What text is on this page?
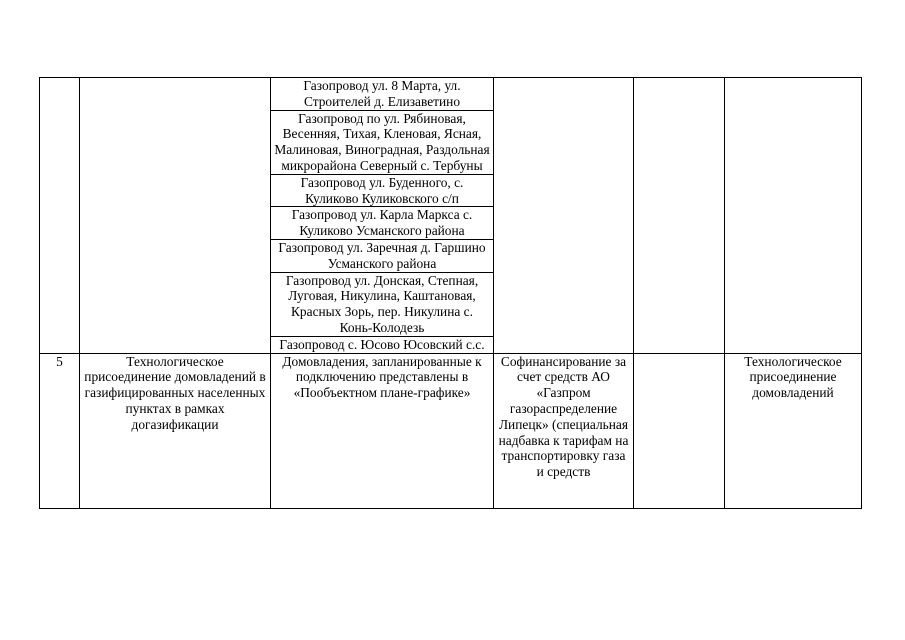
		Газопровод ул. 8 Марта, ул. Строителей д. Елизаветино			
		Газопровод по ул. Рябиновая, Весенняя, Тихая, Кленовая, Ясная, Малиновая, Виноградная, Раздольная микрорайона Северный с. Тербуны			
		Газопровод ул. Буденного, с. Куликово Куликовского с/п			
		Газопровод ул. Карла Маркса с. Куликово Усманского района			
		Газопровод ул. Заречная д. Гаршино Усманского района			
		Газопровод ул. Донская, Степная, Луговая, Никулина, Каштановая, Красных Зорь, пер. Никулина с. Конь-Колодезь			
		Газопровод с. Юсово Юсовский с.с.			
5	Технологическое присоединение домовладений в газифицированных населенных пунктах в рамках догазификации	Домовладения, запланированные к подключению представлены в «Пообъектном плане-графике»	Софинансирование за счет средств АО «Газпром газораспределение Липецк» (специальная надбавка к тарифам на транспортировку газа и средств		Технологическое присоединение домовладений
